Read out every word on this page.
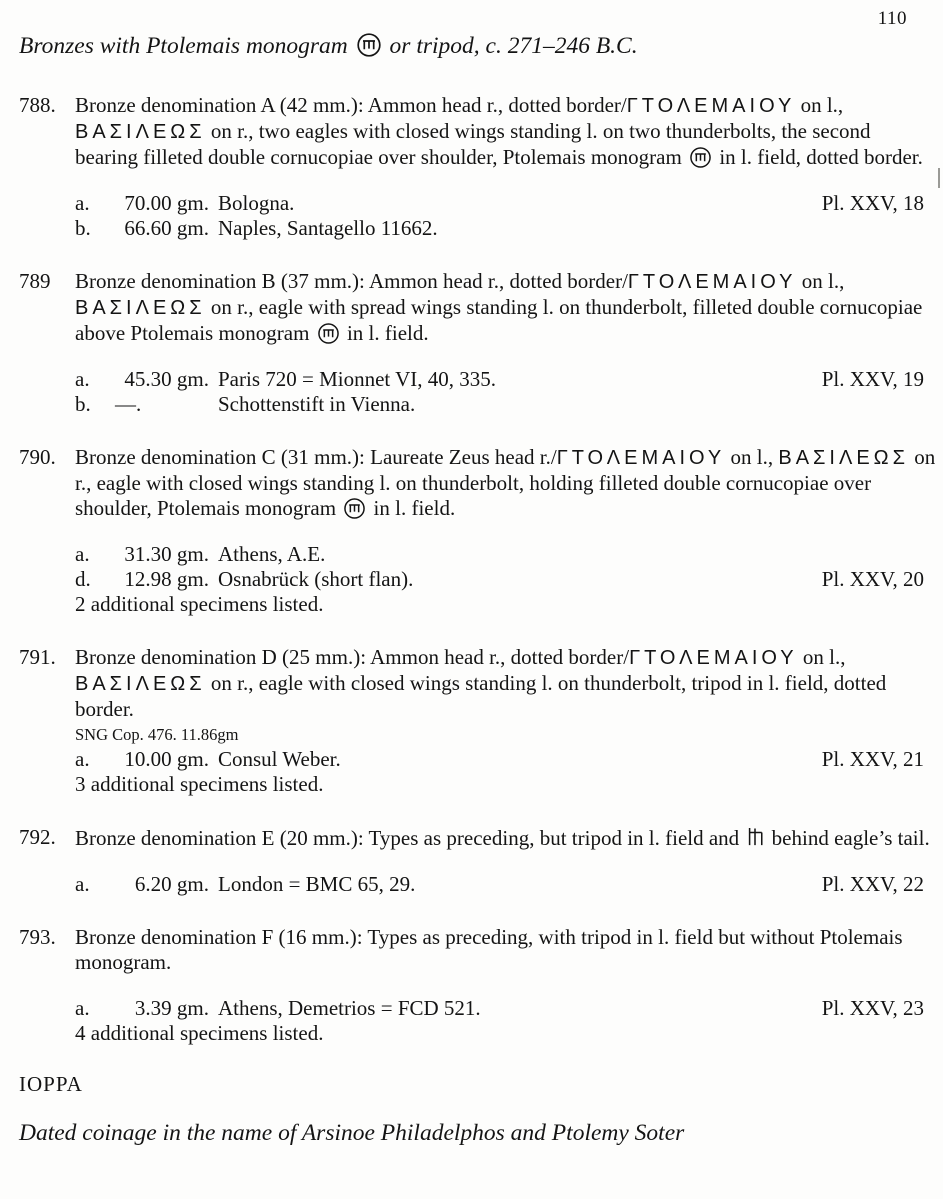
110
Bronzes with Ptolemais monogram or tripod, c. 271–246 B.C.
788. Bronze denomination A (42 mm.): Ammon head r., dotted border/ΓΤΟΛΕΜΑΙΟΥ on l., ΒΑΣΙΛΕΩΣ on r., two eagles with closed wings standing l. on two thunderbolts, the second bearing filleted double cornucopiae over shoulder, Ptolemais monogram  in l. field, dotted border.

a. 70.00 gm. Bologna.	Pl. XXV, 18
b. 66.60 gm. Naples, Santagello 11662.
789	Bronze denomination B (37 mm.): Ammon head r., dotted border/ΓΤΟΛΕΜΑΙΟΥ on l., ΒΑΣΙΛΕΩΣ on r., eagle with spread wings standing l. on thunderbolt, filleted double cornucopiae above Ptolemais monogram  in l. field.

a. 45.30 gm. Paris 720 = Mionnet VI, 40, 335.	Pl. XXV, 19
b. —.	Schottenstift in Vienna.
790. Bronze denomination C (31 mm.): Laureate Zeus head r./ΓΤΟΛΕΜΑΙΟΥ on l., ΒΑΣΙΛΕΩΣ on r., eagle with closed wings standing l. on thunderbolt, holding filleted double cornucopiae over shoulder, Ptolemais monogram  in l. field.

a. 31.30 gm. Athens, A.E.
d. 12.98 gm. Osnabrück (short flan).	Pl. XXV, 20

2 additional specimens listed.

791. Bronze denomination D (25 mm.): Ammon head r., dotted border/ΓΤΟΛΕΜΑΙΟΥ on l., ΒΑΣΙΛΕΩΣ on r., eagle with closed wings standing l. on thunderbolt, tripod in l. field, dotted border.

SNG Cop. 476. 11.86gm

a. 10.00 gm. Consul Weber.	Pl. XXV, 21

3 additional specimens listed.

792. Bronze denomination E (20 mm.): Types as preceding, but tripod in l. field and  behind eagle’s tail.

a. 6.20 gm. London = BMC 65, 29.	Pl. XXV, 22
793. Bronze denomination F (16 mm.): Types as preceding, with tripod in l. field but without Ptolemais monogram.

a. 3.39 gm. Athens, Demetrios = FCD 521.	Pl. XXV, 23

4 additional specimens listed.

IOPPA
Dated coinage in the name of Arsinoe Philadelphos and Ptolemy Soter
